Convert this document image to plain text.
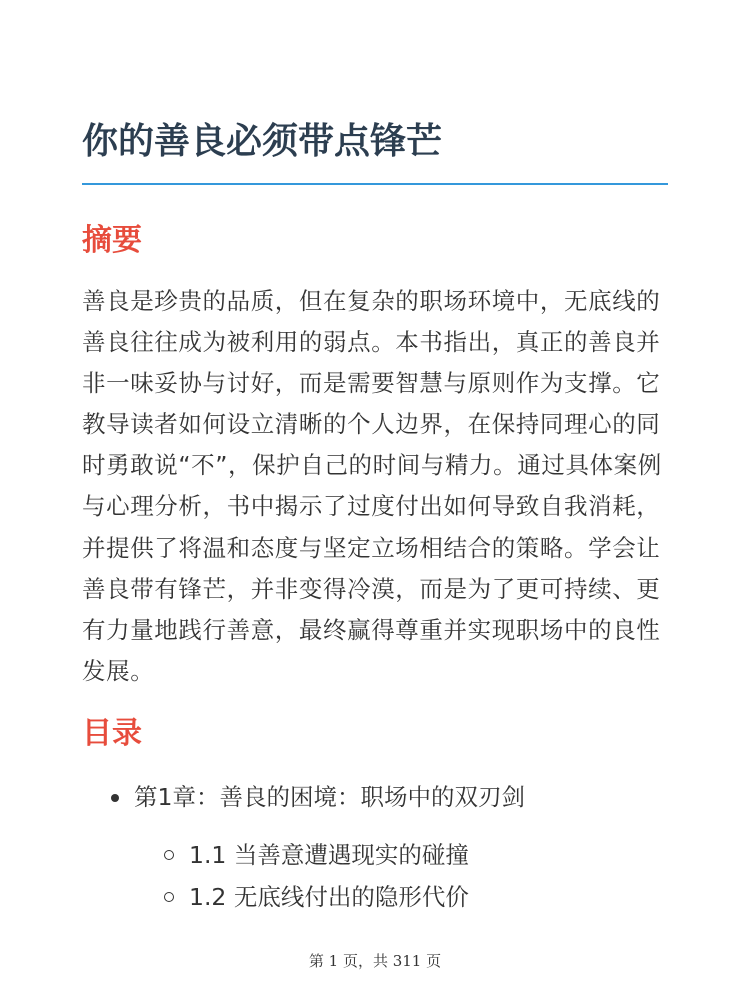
你的善良必须带点锋芒
摘要

善良是珍贵的品质，但在复杂的职场环境中，无底线的善良往往成为被利用的弱点。本书指出，真正的善良并非一味妥协与讨好，而是需要智慧与原则作为支撑。它教导读者如何设立清晰的个人边界，在保持同理心的同时勇敢说“不”，保护自己的时间与精力。通过具体案例与心理分析，书中揭示了过度付出如何导致自我消耗，并提供了将温和态度与坚定立场相结合的策略。学会让善良带有锋芒，并非变得冷漠，而是为了更可持续、更有力量地践行善意，最终赢得尊重并实现职场中的良性发展。

目录
第1章：善良的困境：职场中的双刃剑
1.1 当善意遭遇现实的碰撞
1.2 无底线付出的隐形代价
第 1 页，共 311 页
